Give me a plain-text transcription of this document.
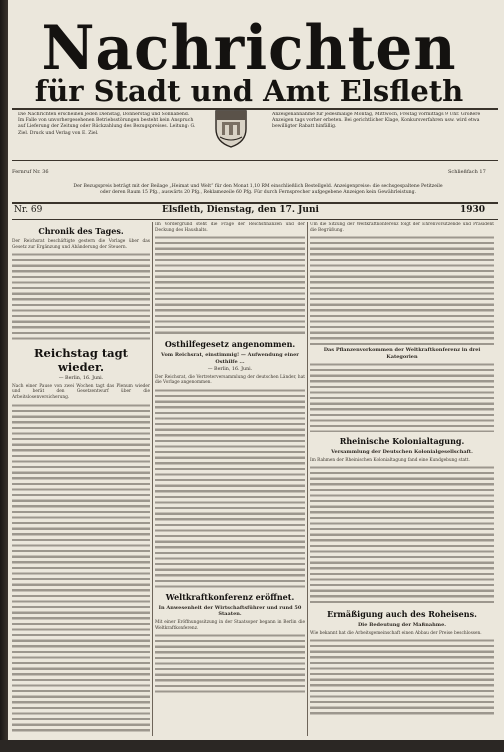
Nachrichten
für Stadt und Amt Elsfleth
Die Nachrichten erscheinen jeden Dienstag, Donnerstag und Sonnabend. Im Falle von unvorhergesehenen Betriebsstörungen besteht kein Anspruch auf Lieferung der Zeitung oder Rückzahlung des Bezugspreises. Leitung: G. Ziel. Druck und Verlag von E. Ziel.
Anzeigenannahme für jedesmalige Montag, Mittwoch, Freitag vormittags 9 Uhr. Größere Anzeigen tags vorher erbeten. Bei gerichtlicher Klage, Konkursverfahren usw. wird etwa bewilligter Rabatt hinfällig.
Fernruf Nr. 36	Schließfach 17
Der Bezugspreis beträgt mit der Beilage „Heimat und Welt“ für den Monat 1,10 RM einschließlich Bestellgeld. Anzeigenpreise: die sechsgespaltene Petitzeile oder deren Raum 15 Pfg., auswärts 20 Pfg., Reklamezeile 60 Pfg. Für durch Fernsprecher aufgegebene Anzeigen kein Gewährleistung.
Nr. 69	Elsfleth, Dienstag, den 17. Juni	1930
Chronik des Tages.

Der Reichsrat beschäftigte gestern die Vorlage über das Gesetz zur Ergänzung und Abänderung der Steuern.

Reichstag tagt wieder.
— Berlin, 16. Juni.

Nach einer Pause von zwei Wochen tagt das Plenum wieder und berät den Gesetzentwurf über die Arbeitslosenversicherung.

Im Vordergrund steht die Frage der Reichsfinanzen und der Deckung des Haushalts.

Osthilfegesetz angenommen.
Vom Reichsrat, einstimmig! — Aufwendung einer Osthilfe ...
— Berlin, 16. Juni.

Der Reichsrat, die Vertreterversammlung der deutschen Länder, hat die Vorlage angenommen.

Weltkraftkonferenz eröffnet.
In Anwesenheit der Wirtschaftsführer und rund 50 Staaten.

Mit einer Eröffnungssitzung in der Staatsoper begann in Berlin die Weltkraftkonferenz.

Um die Sitzung der Weltkraftkonferenz folgt der Ehrenvorsitzende und Präsident die Begrüßung.

Das Pflanzenvorkommen der Weltkraftkonferenz in drei Kategorien
Rheinische Kolonialtagung.
Versammlung der Deutschen Kolonialgesellschaft.

Im Rahmen der Rheinischen Kolonialtagung fand eine Kundgebung statt.

Ermäßigung auch des Roheisens.
Die Bedeutung der Maßnahme.

Wie bekannt hat die Arbeitsgemeinschaft einen Abbau der Preise beschlossen.
